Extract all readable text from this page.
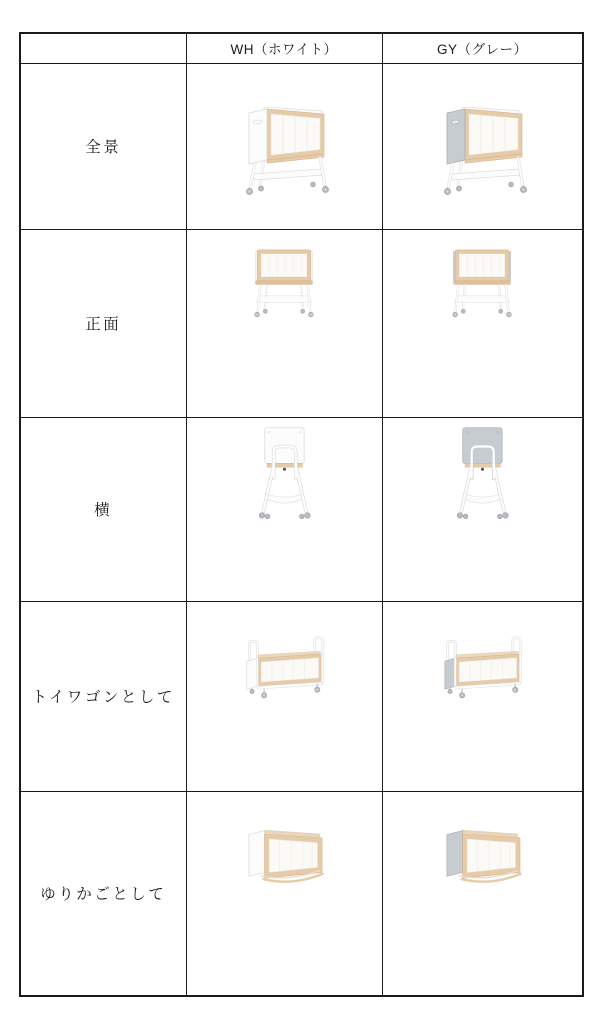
	WH（ホワイト）	GY（グレー）
全景	

正面	

横	

トイワゴンとして	

ゆりかごとして	
